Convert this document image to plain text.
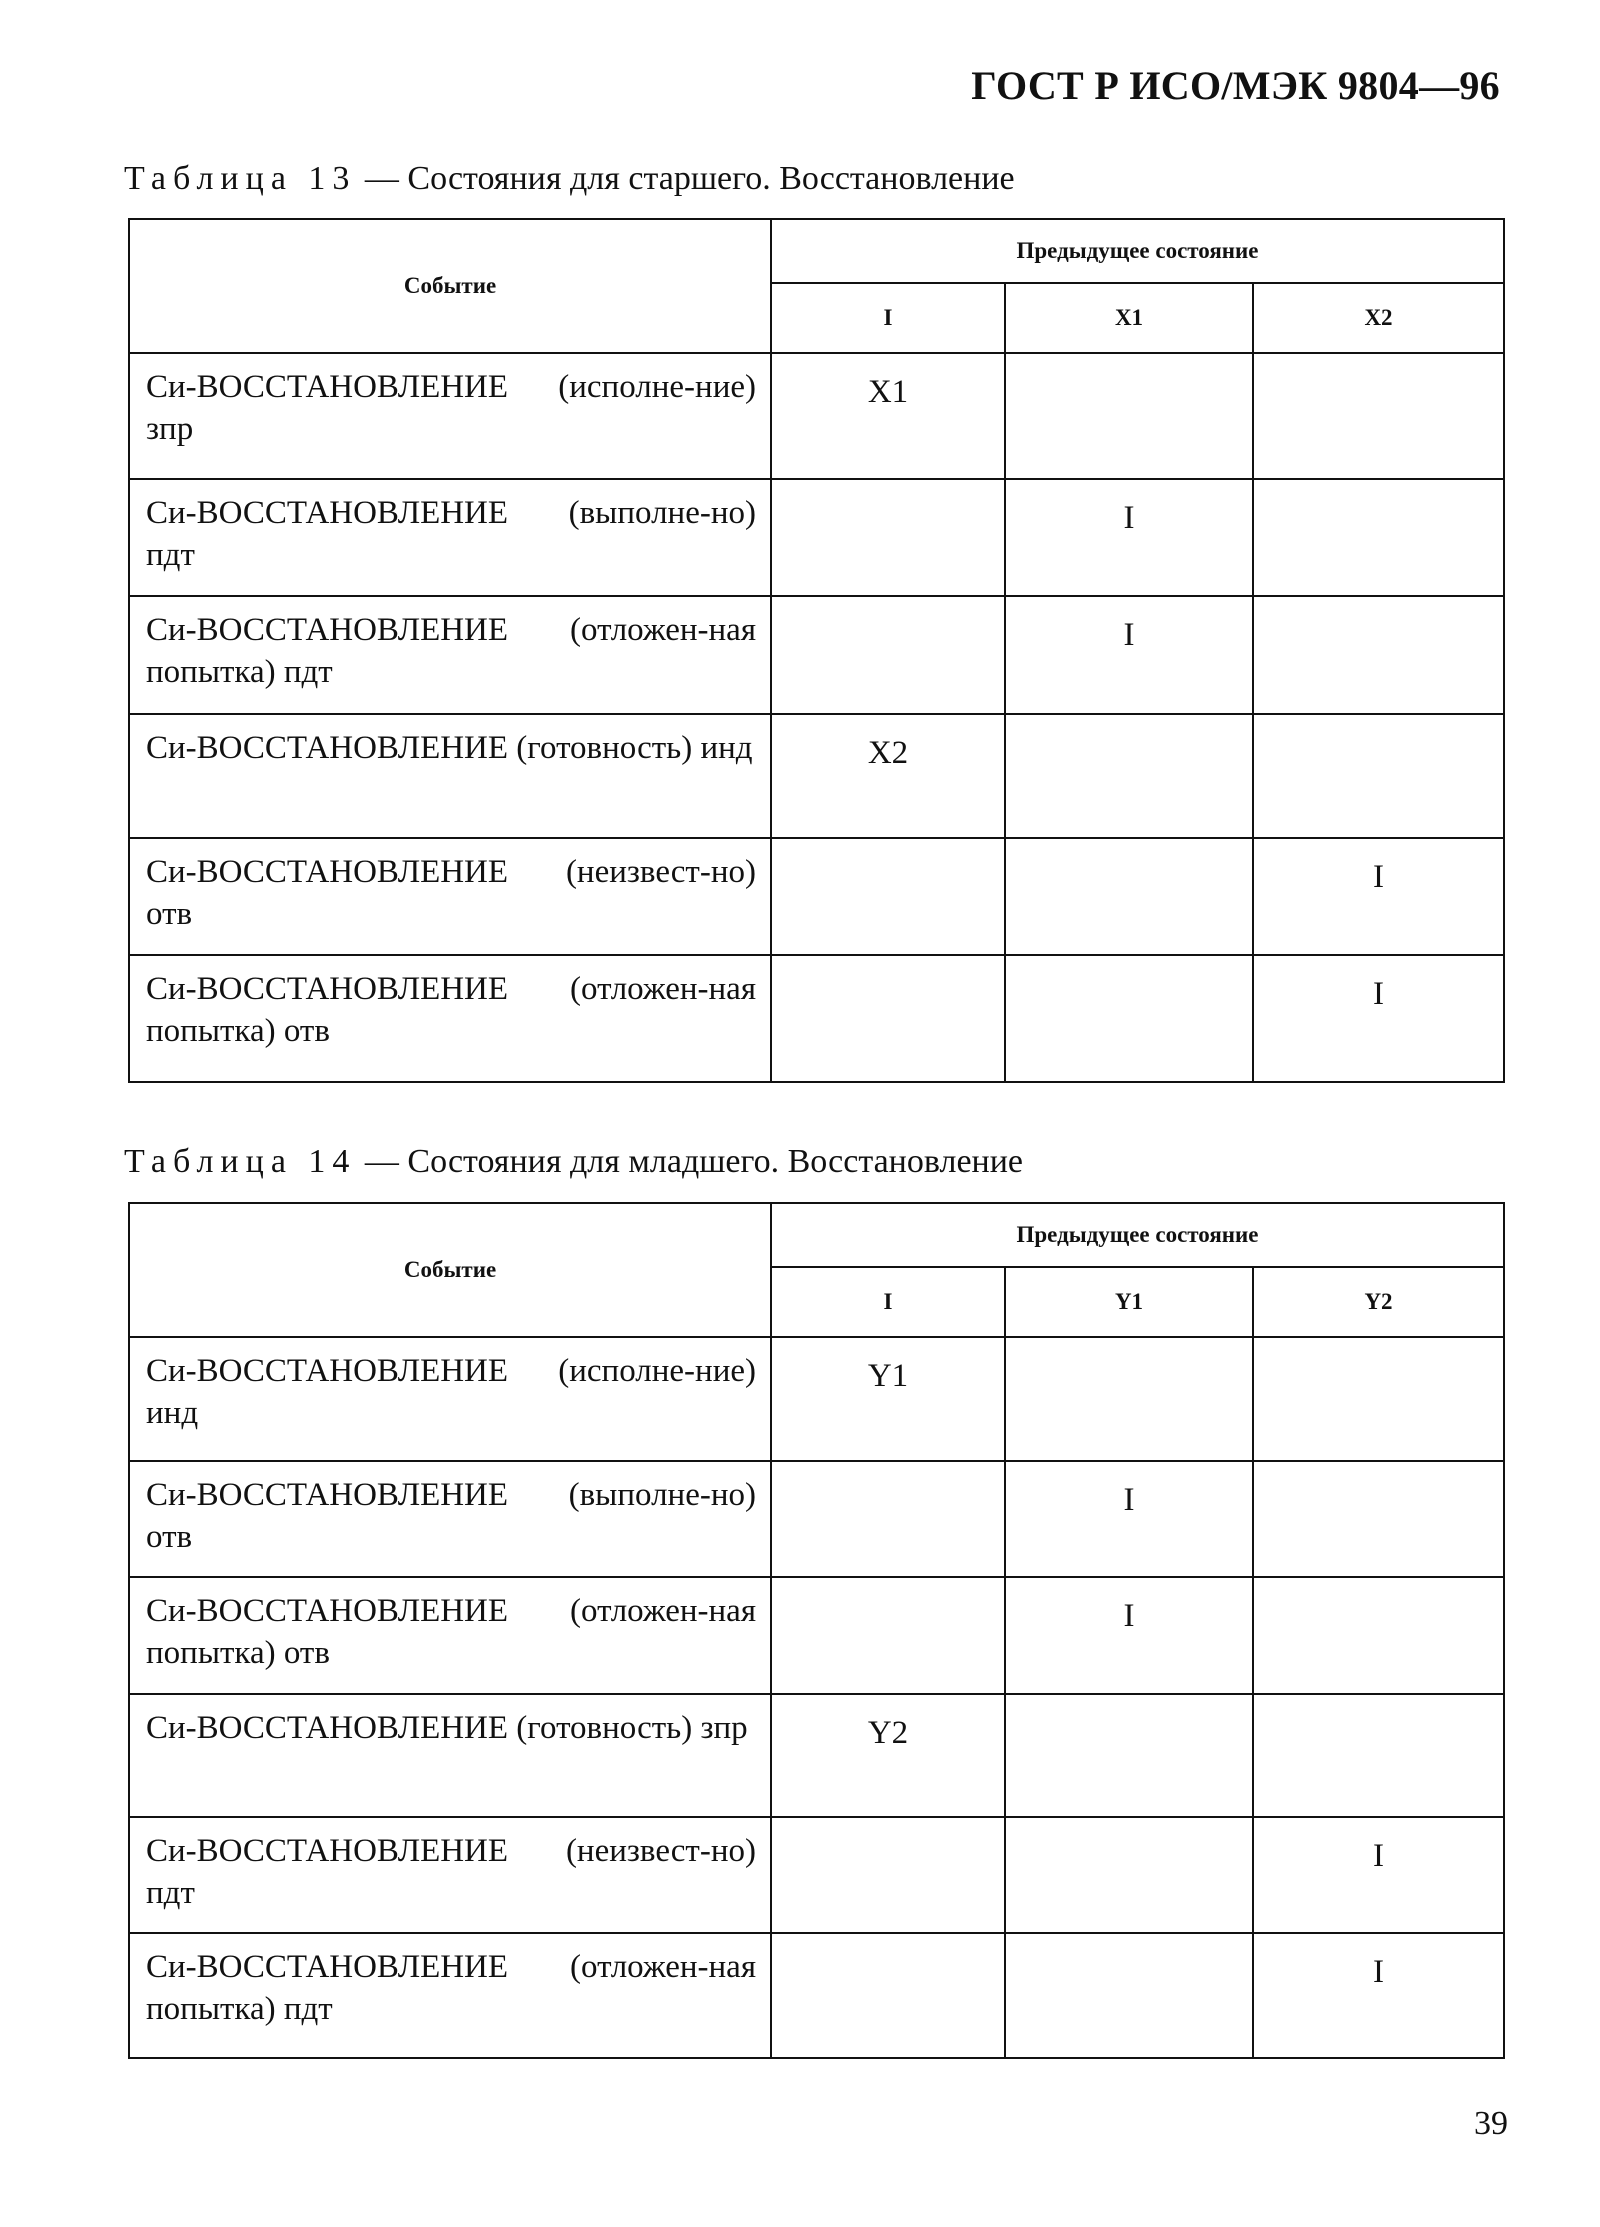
ГОСТ Р ИСО/МЭК 9804—96
Таблица 13 — Состояния для старшего. Восстановление
Событие	Предыдущее состояние		
	I	X1	X2
Си-ВОССТАНОВЛЕНИЕ (исполне-ние) зпр	X1		
Си-ВОССТАНОВЛЕНИЕ (выполне-но) пдт		I	
Си-ВОССТАНОВЛЕНИЕ (отложен-ная попытка) пдт		I	
Си-ВОССТАНОВЛЕНИЕ (готовность) инд	X2		
Си-ВОССТАНОВЛЕНИЕ (неизвест-но) отв			I
Си-ВОССТАНОВЛЕНИЕ (отложен-ная попытка) отв			I
Таблица 14 — Состояния для младшего. Восстановление
Событие	Предыдущее состояние		
	I	Y1	Y2
Си-ВОССТАНОВЛЕНИЕ (исполне-ние) инд	Y1		
Си-ВОССТАНОВЛЕНИЕ (выполне-но) отв		I	
Си-ВОССТАНОВЛЕНИЕ (отложен-ная попытка) отв		I	
Си-ВОССТАНОВЛЕНИЕ (готовность) зпр	Y2		
Си-ВОССТАНОВЛЕНИЕ (неизвест-но) пдт			I
Си-ВОССТАНОВЛЕНИЕ (отложен-ная попытка) пдт			I
39
